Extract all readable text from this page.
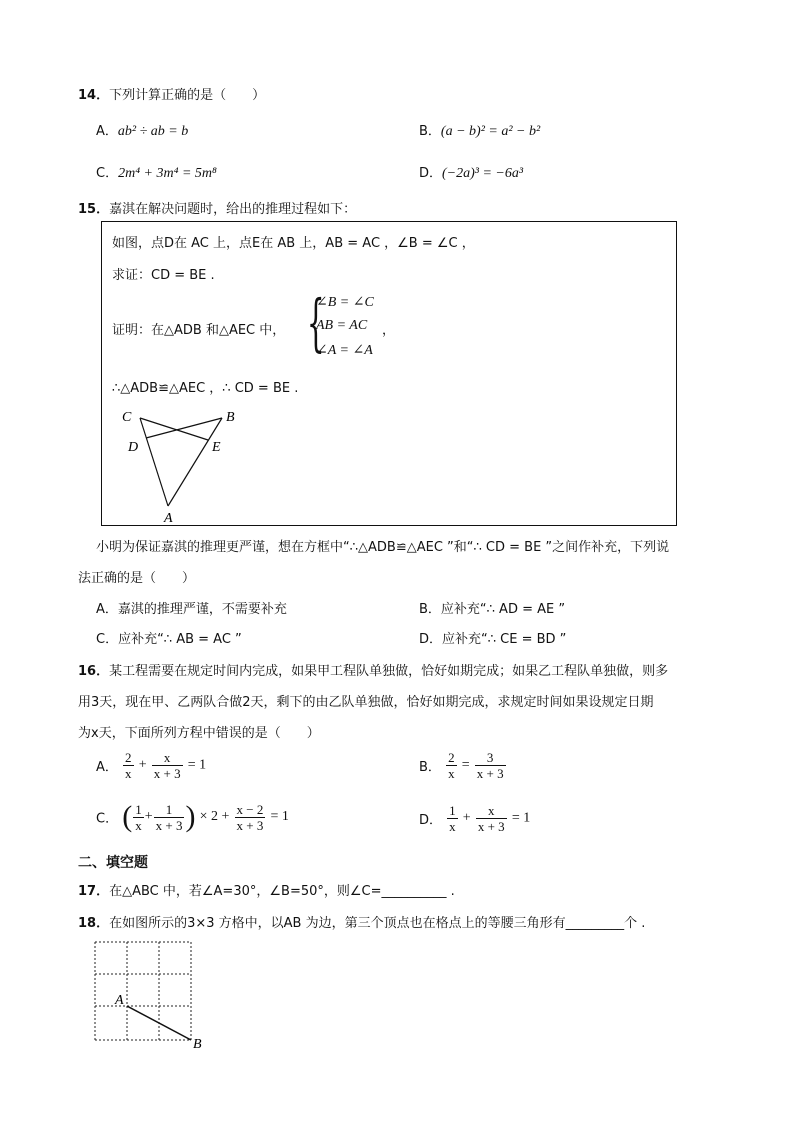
14．下列计算正确的是（　　）
A．ab² ÷ ab = b	B．(a − b)² = a² − b²
C．2m⁴ + 3m⁴ = 5m⁸	D．(−2a)³ = −6a³
15．嘉淇在解决问题时，给出的推理过程如下：
如图，点D在 AC 上，点E在 AB 上，AB = AC ，∠B = ∠C ，
求证：CD = BE .
证明：在△ADB 和△AEC 中， {
∠B = ∠C
AB = AC
∠A = ∠A
，
∴△ADB≌△AEC ，∴ CD = BE .
C	B
D	E
A
小明为保证嘉淇的推理更严谨，想在方框中“∴△ADB≌△AEC ”和“∴ CD = BE ”之间作补充，下列说
法正确的是（　　）
A．嘉淇的推理严谨，不需要补充	B．应补充“∴ AD = AE ”
C．应补充“∴ AB = AC ”	D．应补充“∴ CE = BD ”
16．某工程需要在规定时间内完成，如果甲工程队单独做，恰好如期完成；如果乙工程队单独做，则多
用3天，现在甲、乙两队合做2天，剩下的由乙队单独做，恰好如期完成，求规定时间如果设规定日期
为x天，下面所列方程中错误的是（　　）
A． $\frac{2}{x} + \frac{x}{x + 3} = 1$	B． $\frac{2}{x} = \frac{3}{x + 3}$
C． ( $\frac{1}{x} + \frac{1}{x + 3}$ ) × $2 + \frac{x - 2}{x + 3} = 1$	D． $\frac{1}{x} + \frac{x}{x + 3} = 1$
二、填空题
17．在△ABC 中，若∠A=30°，∠B=50°，则∠C=__________ .
18．在如图所示的3×3 方格中，以AB 为边，第三个顶点也在格点上的等腰三角形有_________个 .
A
B
